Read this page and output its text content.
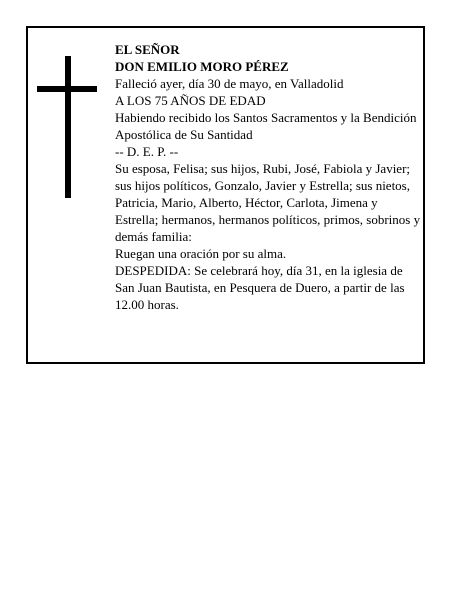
EL SEÑOR

DON EMILIO MORO PÉREZ

Falleció ayer, día 30 de mayo, en Valladolid

A LOS 75 AÑOS DE EDAD

Habiendo recibido los Santos Sacramentos y la Bendición Apostólica de Su Santidad

-- D. E. P. --

Su esposa, Felisa; sus hijos, Rubi, José, Fabiola y Javier; sus hijos políticos, Gonzalo, Javier y Estrella; sus nietos, Patricia, Mario, Alberto, Héctor, Carlota, Jimena y Estrella; hermanos, hermanos políticos, primos, sobrinos y demás familia:

Ruegan una oración por su alma.

DESPEDIDA: Se celebrará hoy, día 31, en la iglesia de San Juan Bautista, en Pesquera de Duero, a partir de las 12.00 horas.
